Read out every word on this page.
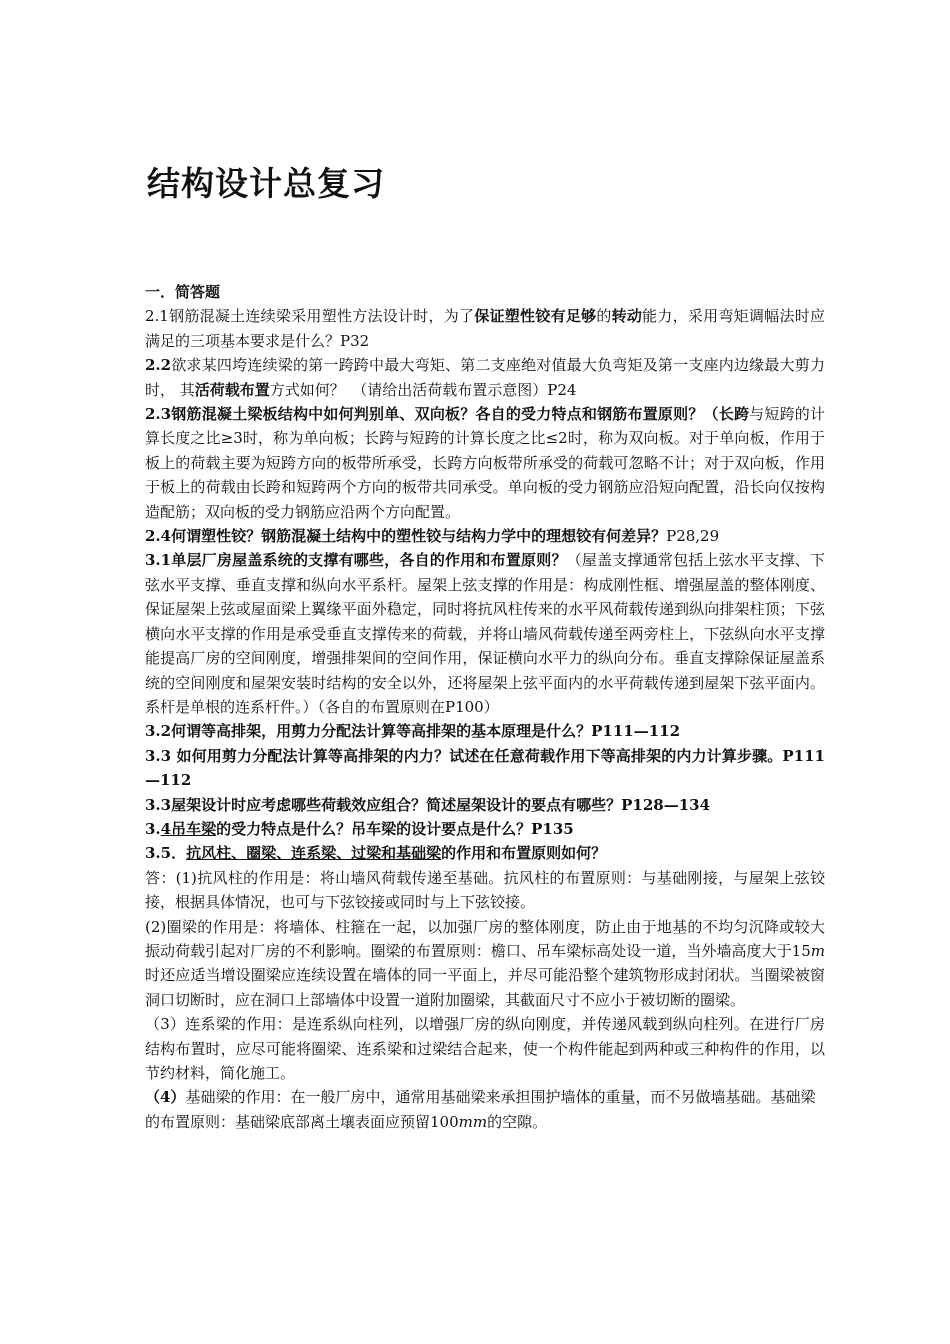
结构设计总复习

一．简答题

2.1钢筋混凝土连续梁采用塑性方法设计时，为了保证塑性铰有足够的转动能力，采用弯矩调幅法时应满足的三项基本要求是什么？P32

2.2欲求某四垮连续梁的第一跨跨中最大弯矩、第二支座绝对值最大负弯矩及第一支座内边缘最大剪力时， 其活荷载布置方式如何？　（请给出活荷载布置示意图）P24

2.3钢筋混凝土梁板结构中如何判别单、双向板？各自的受力特点和钢筋布置原则？（长跨与短跨的计算长度之比≥3时，称为单向板；长跨与短跨的计算长度之比≤2时，称为双向板。对于单向板，作用于板上的荷载主要为短跨方向的板带所承受，长跨方向板带所承受的荷载可忽略不计；对于双向板，作用于板上的荷载由长跨和短跨两个方向的板带共同承受。单向板的受力钢筋应沿短向配置，沿长向仅按构造配筋；双向板的受力钢筋应沿两个方向配置。

2.4何谓塑性铰？钢筋混凝土结构中的塑性铰与结构力学中的理想铰有何差异？P28,29

3.1单层厂房屋盖系统的支撑有哪些，各自的作用和布置原则？（屋盖支撑通常包括上弦水平支撑、下弦水平支撑、垂直支撑和纵向水平系杆。屋架上弦支撑的作用是：构成刚性框、增强屋盖的整体刚度、保证屋架上弦或屋面梁上翼缘平面外稳定，同时将抗风柱传来的水平风荷载传递到纵向排架柱顶；下弦横向水平支撑的作用是承受垂直支撑传来的荷载，并将山墙风荷载传递至两旁柱上，下弦纵向水平支撑能提高厂房的空间刚度，增强排架间的空间作用，保证横向水平力的纵向分布。垂直支撑除保证屋盖系统的空间刚度和屋架安装时结构的安全以外，还将屋架上弦平面内的水平荷载传递到屋架下弦平面内。系杆是单根的连系杆件。）（各自的布置原则在P100）

3.2何谓等高排架，用剪力分配法计算等高排架的基本原理是什么？P111—112

3.3 如何用剪力分配法计算等高排架的内力？试述在任意荷载作用下等高排架的内力计算步骤。P111—112

3.3屋架设计时应考虑哪些荷载效应组合？简述屋架设计的要点有哪些？P128—134

3.4吊车梁的受力特点是什么？吊车梁的设计要点是什么？P135

3.5．抗风柱、圈梁、连系梁、过梁和基础梁的作用和布置原则如何？

答：(1)抗风柱的作用是：将山墙风荷载传递至基础。抗风柱的布置原则：与基础刚接，与屋架上弦铰接，根据具体情况，也可与下弦铰接或同时与上下弦铰接。

(2)圈梁的作用是：将墙体、柱箍在一起，以加强厂房的整体刚度，防止由于地基的不均匀沉降或较大振动荷载引起对厂房的不利影响。圈梁的布置原则：檐口、吊车梁标高处设一道，当外墙高度大于15m时还应适当增设圈梁应连续设置在墙体的同一平面上，并尽可能沿整个建筑物形成封闭状。当圈梁被窗洞口切断时，应在洞口上部墙体中设置一道附加圈梁，其截面尺寸不应小于被切断的圈梁。

（3）连系梁的作用：是连系纵向柱列，以增强厂房的纵向刚度，并传递风载到纵向柱列。在进行厂房结构布置时，应尽可能将圈梁、连系梁和过梁结合起来，使一个构件能起到两种或三种构件的作用，以节约材料，简化施工。

（4）基础梁的作用：在一般厂房中，通常用基础梁来承担围护墙体的重量，而不另做墙基础。基础梁的布置原则：基础梁底部离土壤表面应预留100mm的空隙。
